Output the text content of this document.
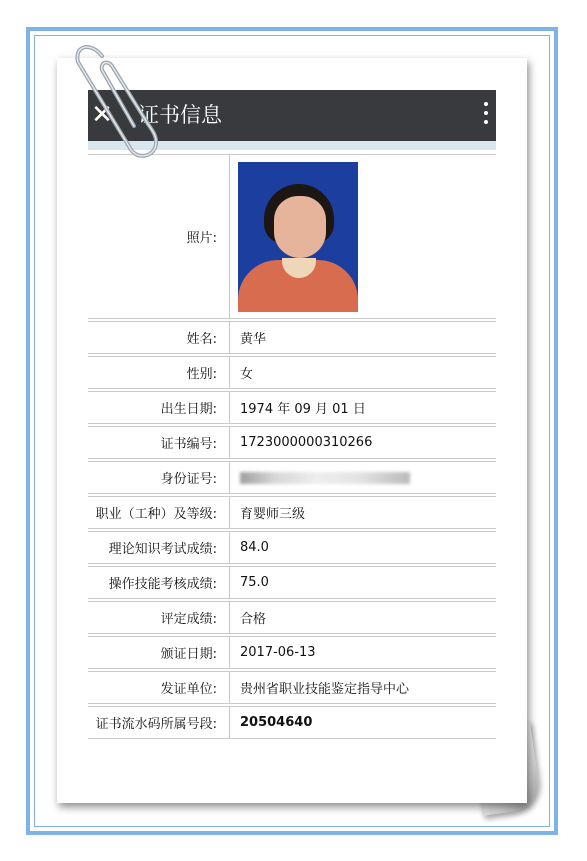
✕ 证书信息
照片:	

姓名:	黄华
性别:	女
出生日期:	1974 年 09 月 01 日
证书编号:	1723000000310266
身份证号:	
职业（工种）及等级:	育婴师三级
理论知识考试成绩:	84.0
操作技能考核成绩:	75.0
评定成绩:	合格
颁证日期:	2017-06-13
发证单位:	贵州省职业技能鉴定指导中心
证书流水码所属号段:	20504640
